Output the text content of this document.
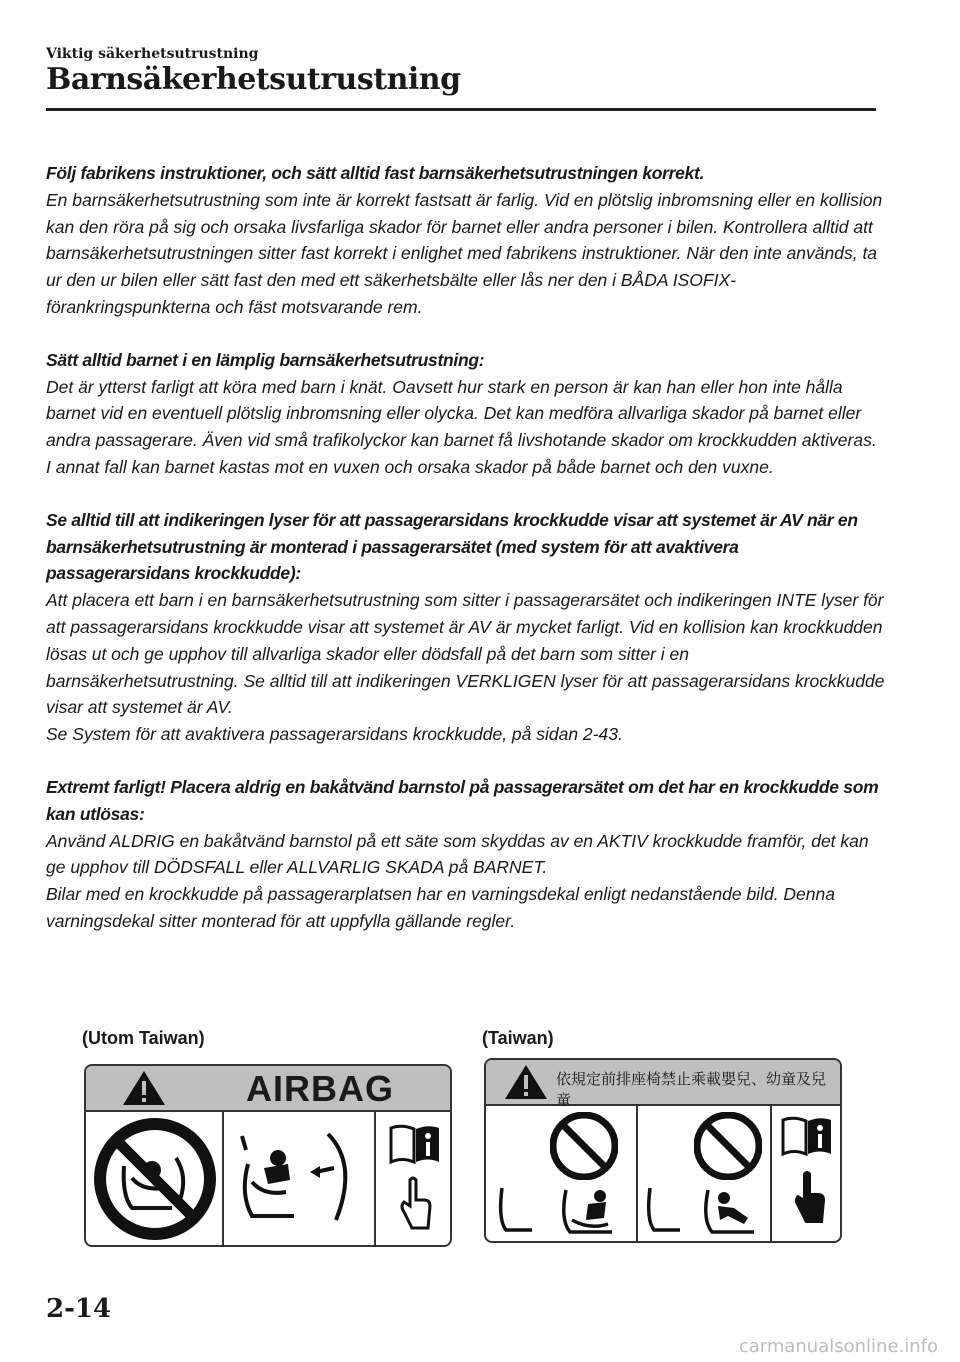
Viktig säkerhetsutrustning
Barnsäkerhetsutrustning

Följ fabrikens instruktioner, och sätt alltid fast barnsäkerhetsutrustningen korrekt.

En barnsäkerhetsutrustning som inte är korrekt fastsatt är farlig. Vid en plötslig inbromsning eller en kollision kan den röra på sig och orsaka livsfarliga skador för barnet eller andra personer i bilen. Kontrollera alltid att barnsäkerhetsutrustningen sitter fast korrekt i enlighet med fabrikens instruktioner. När den inte används, ta ur den ur bilen eller sätt fast den med ett säkerhetsbälte eller lås ner den i BÅDA ISOFIX-förankringspunkterna och fäst motsvarande rem.

Sätt alltid barnet i en lämplig barnsäkerhetsutrustning:

Det är ytterst farligt att köra med barn i knät. Oavsett hur stark en person är kan han eller hon inte hålla barnet vid en eventuell plötslig inbromsning eller olycka. Det kan medföra allvarliga skador på barnet eller andra passagerare. Även vid små trafikolyckor kan barnet få livshotande skador om krockkudden aktiveras. I annat fall kan barnet kastas mot en vuxen och orsaka skador på både barnet och den vuxne.

Se alltid till att indikeringen lyser för att passagerarsidans krockkudde visar att systemet är AV när en barnsäkerhetsutrustning är monterad i passagerarsätet (med system för att avaktivera passagerarsidans krockkudde):

Att placera ett barn i en barnsäkerhetsutrustning som sitter i passagerarsätet och indikeringen INTE lyser för att passagerarsidans krockkudde visar att systemet är AV är mycket farligt. Vid en kollision kan krockkudden lösas ut och ge upphov till allvarliga skador eller dödsfall på det barn som sitter i en barnsäkerhetsutrustning. Se alltid till att indikeringen VERKLIGEN lyser för att passagerarsidans krockkudde visar att systemet är AV.

Se System för att avaktivera passagerarsidans krockkudde, på sidan 2-43.

Extremt farligt! Placera aldrig en bakåtvänd barnstol på passagerarsätet om det har en krockkudde som kan utlösas:

Använd ALDRIG en bakåtvänd barnstol på ett säte som skyddas av en AKTIV krockkudde framför, det kan ge upphov till DÖDSFALL eller ALLVARLIG SKADA på BARNET.

Bilar med en krockkudde på passagerarplatsen har en varningsdekal enligt nedanstående bild. Denna varningsdekal sitter monterad för att uppfylla gällande regler.

(Utom Taiwan)
AIRBAG
(Taiwan)
依規定前排座椅禁止乘載嬰兒、幼童及兒童
2-14
carmanualsonline.info
